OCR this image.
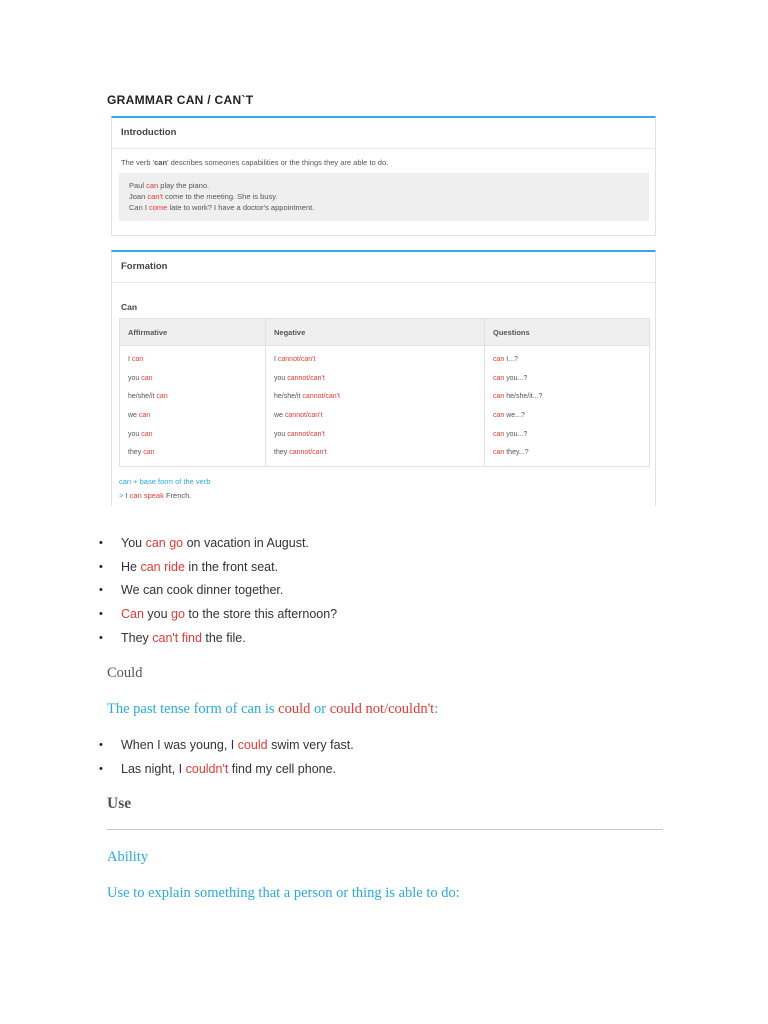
GRAMMAR CAN / CAN`T
Introduction
The verb 'can' describes someones capabilities or the things they are able to do.
Paul can play the piano.
Joan can't come to the meeting. She is busy.
Can I come late to work? I have a doctor's appointment.
Formation
Can
Affirmative	Negative	Questions
I can	I cannot/can't	can I...?
you can	you cannot/can't	can you...?
he/she/it can	he/she/it cannot/can't	can he/she/it...?
we can	we cannot/can't	can we...?
you can	you cannot/can't	can you...?
they can	they cannot/can't	can they...?
can + base form of the verb
> I can speak French.
• You can go on vacation in August.
• He can ride in the front seat.
• We can cook dinner together.
• Can you go to the store this afternoon?
• They can't find the file.
Could
The past tense form of can is could or could not/couldn't:
• When I was young, I could swim very fast.
• Las night, I couldn't find my cell phone.
Use
Ability
Use to explain something that a person or thing is able to do:
